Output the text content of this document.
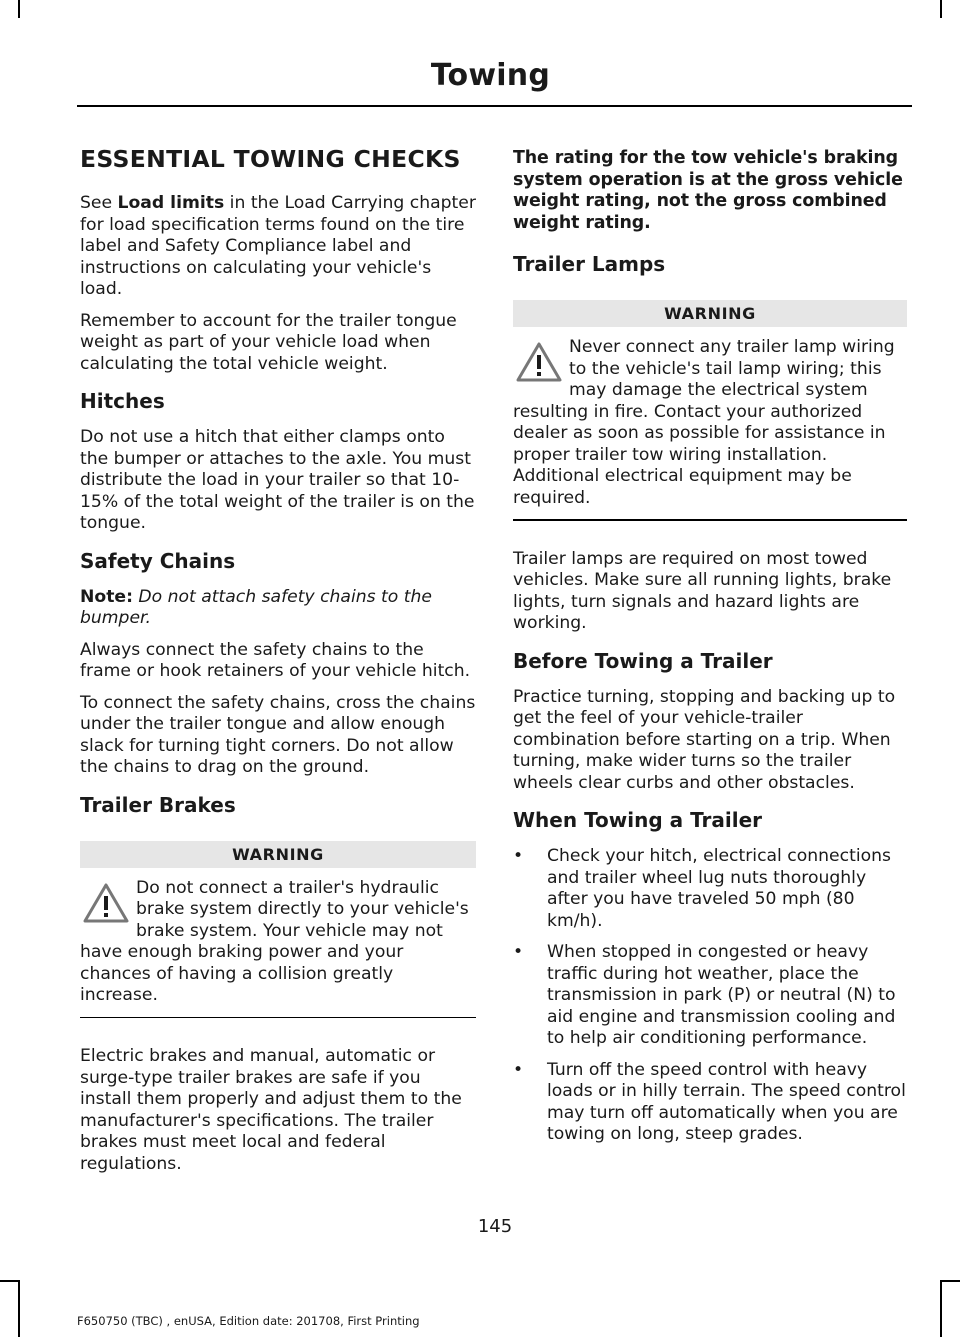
Towing
ESSENTIAL TOWING CHECKS

See Load limits in the Load Carrying chapter for load specification terms found on the tire label and Safety Compliance label and instructions on calculating your vehicle's load.

Remember to account for the trailer tongue weight as part of your vehicle load when calculating the total vehicle weight.

Hitches

Do not use a hitch that either clamps onto the bumper or attaches to the axle. You must distribute the load in your trailer so that 10-15% of the total weight of the trailer is on the tongue.

Safety Chains

Note: Do not attach safety chains to the bumper.

Always connect the safety chains to the frame or hook retainers of your vehicle hitch.

To connect the safety chains, cross the chains under the trailer tongue and allow enough slack for turning tight corners. Do not allow the chains to drag on the ground.

Trailer Brakes
WARNING
Do not connect a trailer's hydraulic brake system directly to your vehicle's brake system. Your vehicle may not have enough braking power and your chances of having a collision greatly increase.

Electric brakes and manual, automatic or surge-type trailer brakes are safe if you install them properly and adjust them to the manufacturer's specifications. The trailer brakes must meet local and federal regulations.

The rating for the tow vehicle's braking system operation is at the gross vehicle weight rating, not the gross combined weight rating.

Trailer Lamps
WARNING
Never connect any trailer lamp wiring to the vehicle's tail lamp wiring; this may damage the electrical system resulting in fire. Contact your authorized dealer as soon as possible for assistance in proper trailer tow wiring installation. Additional electrical equipment may be required.

Trailer lamps are required on most towed vehicles. Make sure all running lights, brake lights, turn signals and hazard lights are working.

Before Towing a Trailer

Practice turning, stopping and backing up to get the feel of your vehicle-trailer combination before starting on a trip. When turning, make wider turns so the trailer wheels clear curbs and other obstacles.

When Towing a Trailer
• Check your hitch, electrical connections and trailer wheel lug nuts thoroughly after you have traveled 50 mph (80 km/h).
• When stopped in congested or heavy traffic during hot weather, place the transmission in park (P) or neutral (N) to aid engine and transmission cooling and to help air conditioning performance.
• Turn off the speed control with heavy loads or in hilly terrain. The speed control may turn off automatically when you are towing on long, steep grades.
145
F650750 (TBC) , enUSA, Edition date: 201708, First Printing
